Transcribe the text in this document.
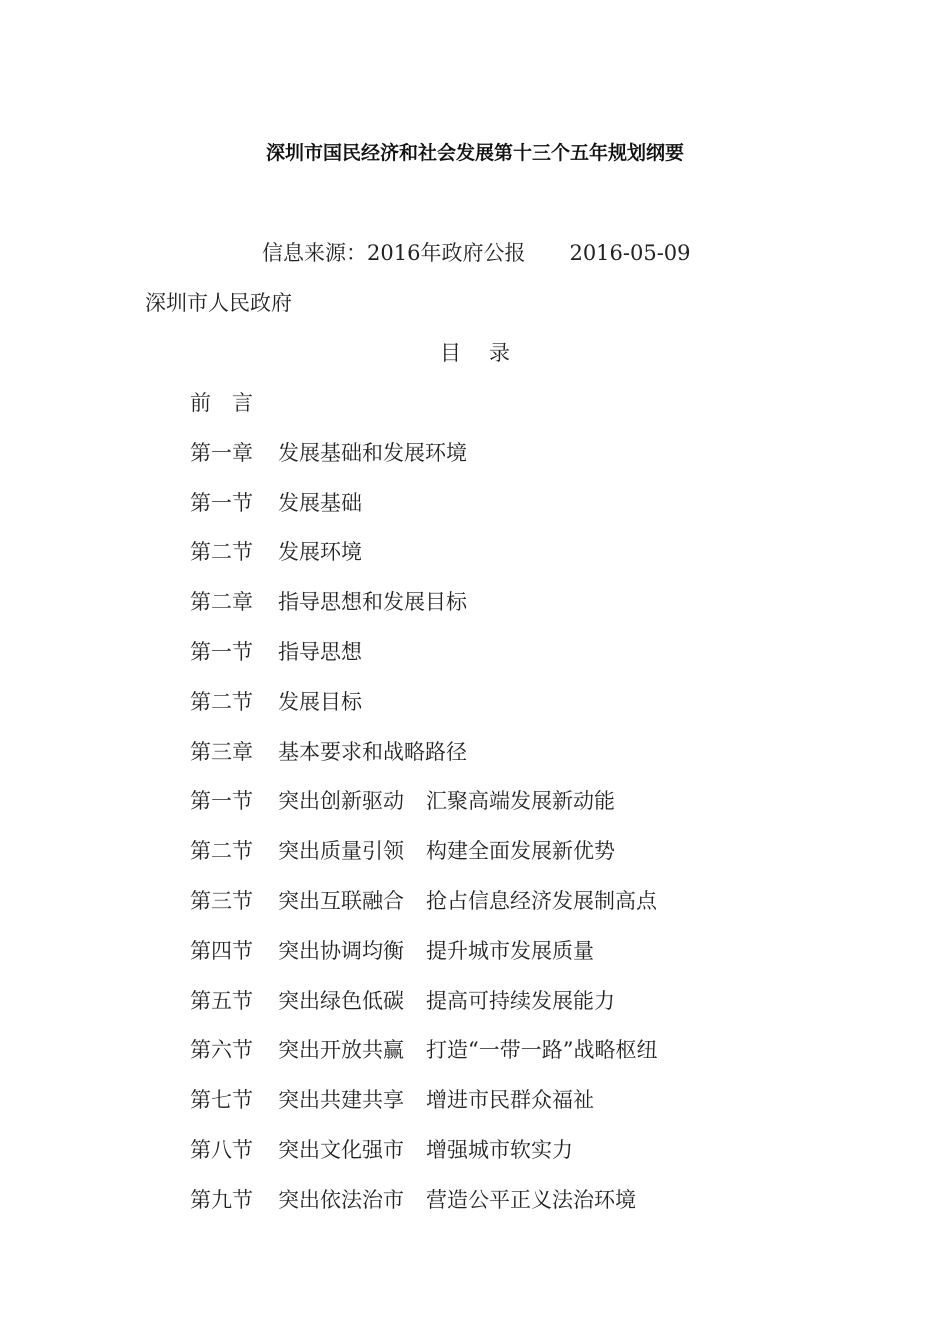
深圳市国民经济和社会发展第十三个五年规划纲要
信息来源：2016年政府公报 2016-05-09
深圳市人民政府
目 录
前　言
第一章 发展基础和发展环境
第一节 发展基础
第二节 发展环境
第二章 指导思想和发展目标
第一节 指导思想
第二节 发展目标
第三章 基本要求和战略路径
第一节 突出创新驱动 汇聚高端发展新动能
第二节 突出质量引领 构建全面发展新优势
第三节 突出互联融合 抢占信息经济发展制高点
第四节 突出协调均衡 提升城市发展质量
第五节 突出绿色低碳 提高可持续发展能力
第六节 突出开放共赢 打造“一带一路”战略枢纽
第七节 突出共建共享 增进市民群众福祉
第八节 突出文化强市 增强城市软实力
第九节 突出依法治市 营造公平正义法治环境
